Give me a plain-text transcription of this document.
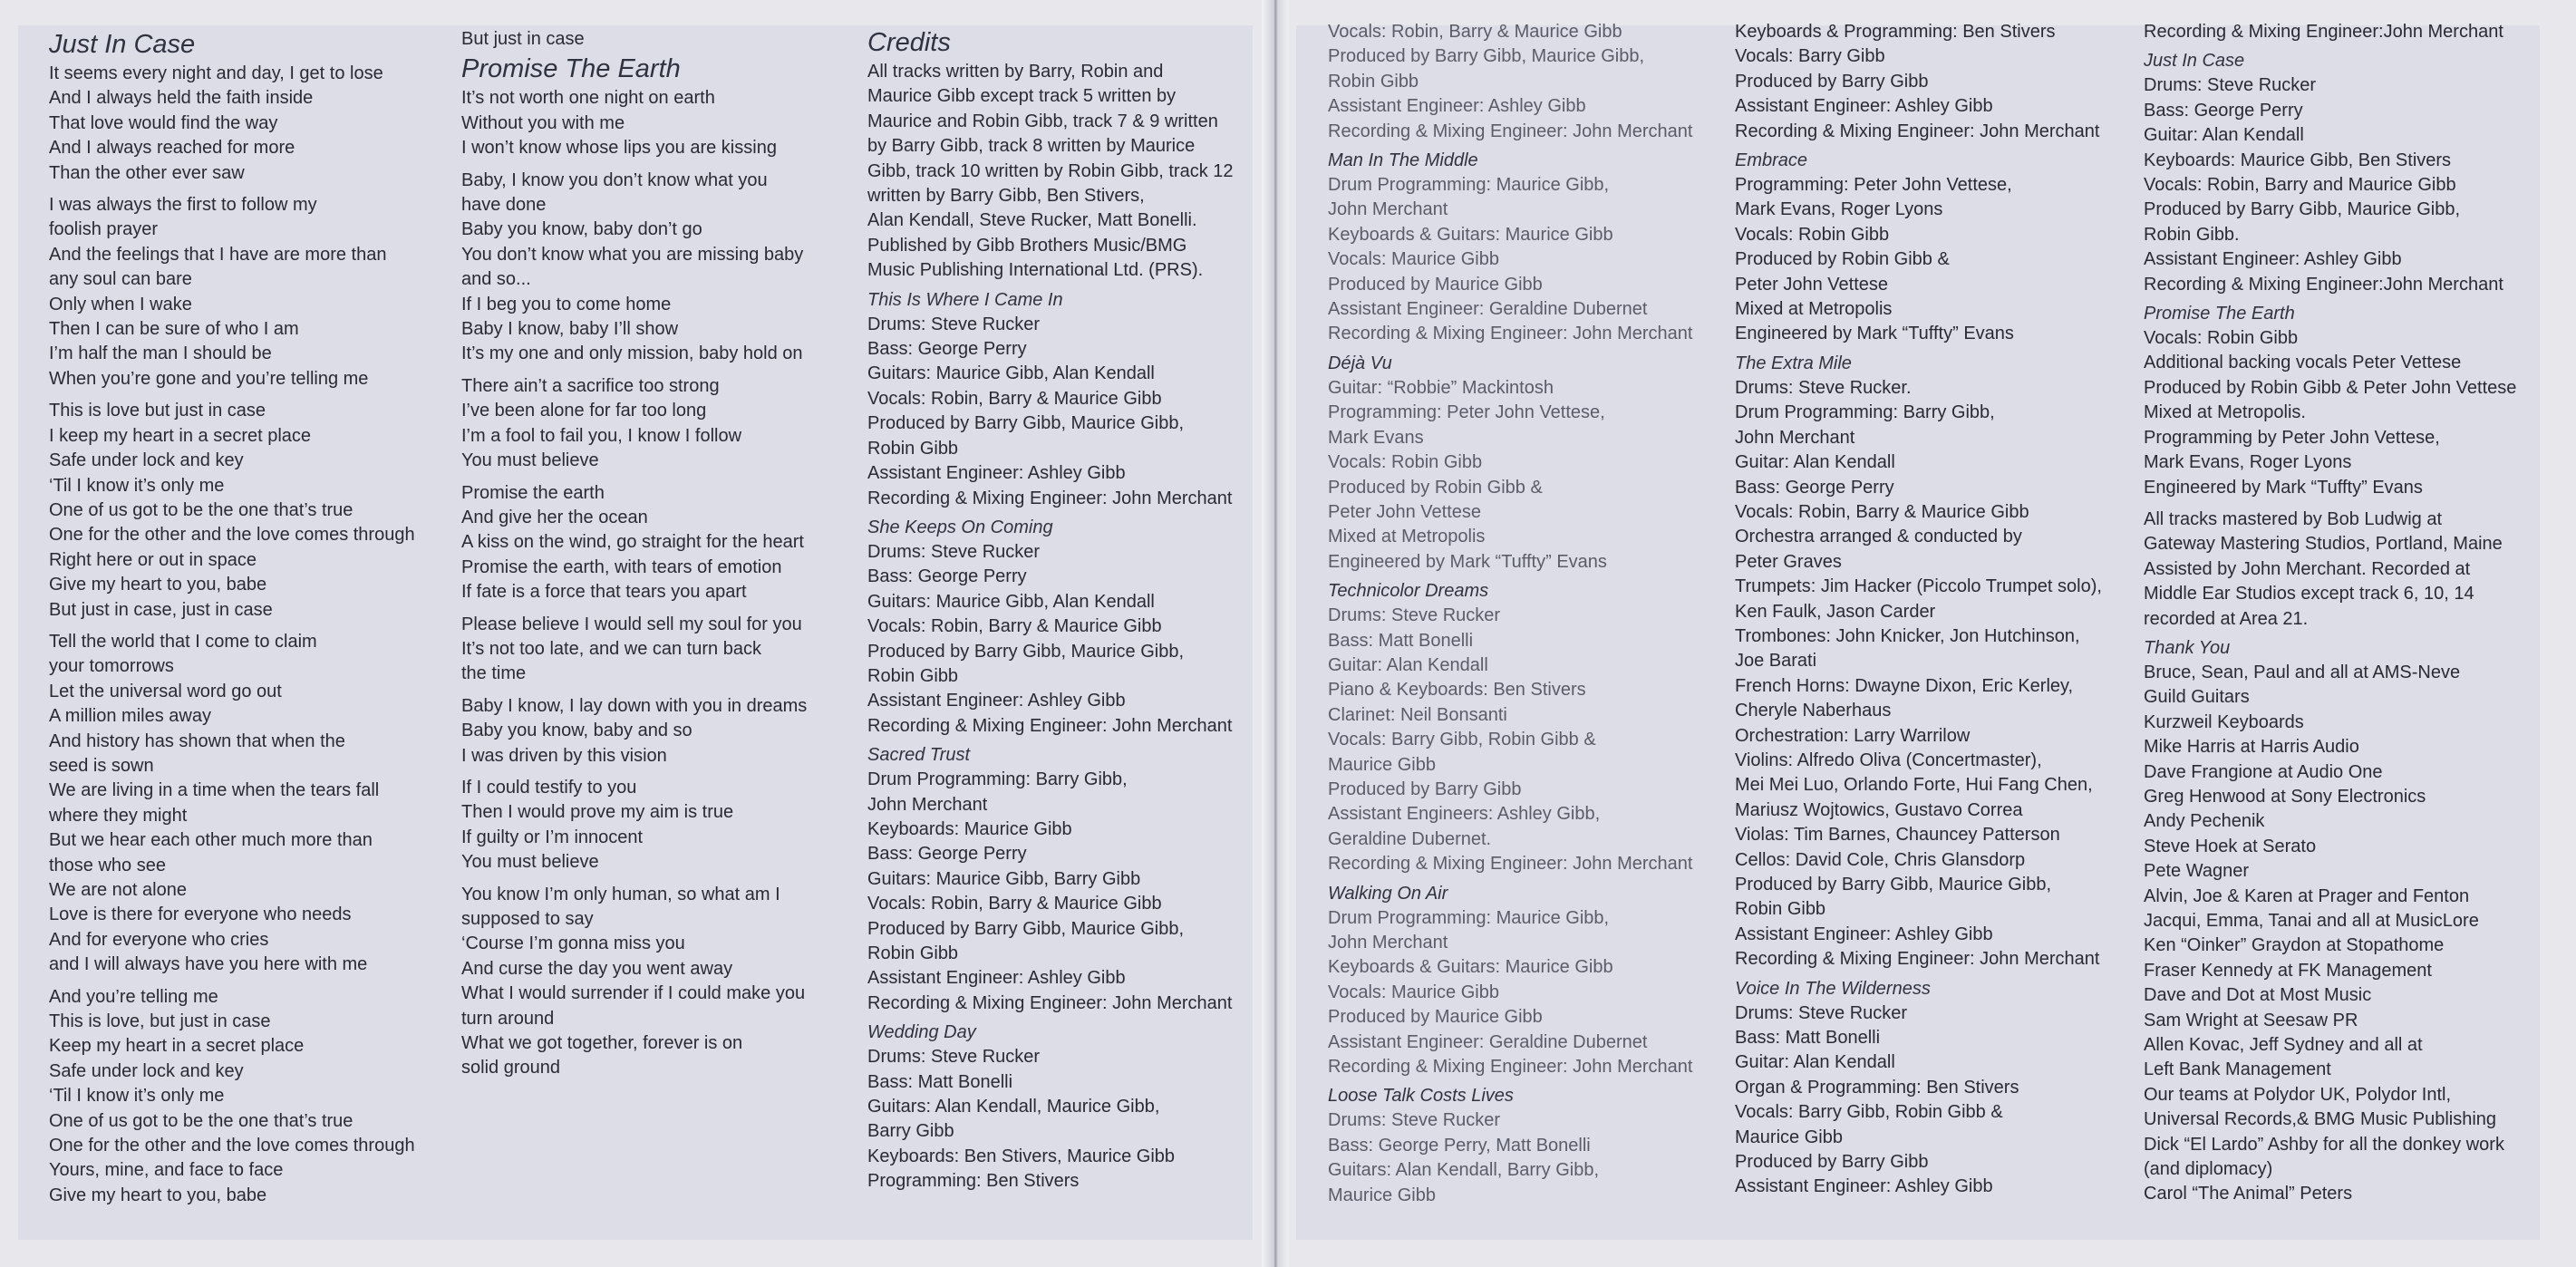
Just In Case
It seems every night and day, I get to lose
And I always held the faith inside
That love would find the way
And I always reached for more
Than the other ever saw
I was always the first to follow my
foolish prayer
And the feelings that I have are more than
any soul can bare
Only when I wake
Then I can be sure of who I am
I’m half the man I should be
When you’re gone and you’re telling me
This is love but just in case
I keep my heart in a secret place
Safe under lock and key
‘Til I know it’s only me
One of us got to be the one that’s true
One for the other and the love comes through
Right here or out in space
Give my heart to you, babe
But just in case, just in case
Tell the world that I come to claim
your tomorrows
Let the universal word go out
A million miles away
And history has shown that when the
seed is sown
We are living in a time when the tears fall
where they might
But we hear each other much more than
those who see
We are not alone
Love is there for everyone who needs
And for everyone who cries
and I will always have you here with me
And you’re telling me
This is love, but just in case
Keep my heart in a secret place
Safe under lock and key
‘Til I know it’s only me
One of us got to be the one that’s true
One for the other and the love comes through
Yours, mine, and face to face
Give my heart to you, babe
But just in case
Promise The Earth
It’s not worth one night on earth
Without you with me
I won’t know whose lips you are kissing
Baby, I know you don’t know what you
have done
Baby you know, baby don’t go
You don’t know what you are missing baby
and so...
If I beg you to come home
Baby I know, baby I’ll show
It’s my one and only mission, baby hold on
There ain’t a sacrifice too strong
I’ve been alone for far too long
I’m a fool to fail you, I know I follow
You must believe
Promise the earth
And give her the ocean
A kiss on the wind, go straight for the heart
Promise the earth, with tears of emotion
If fate is a force that tears you apart
Please believe I would sell my soul for you
It’s not too late, and we can turn back
the time
Baby I know, I lay down with you in dreams
Baby you know, baby and so
I was driven by this vision
If I could testify to you
Then I would prove my aim is true
If guilty or I’m innocent
You must believe
You know I’m only human, so what am I
supposed to say
‘Course I’m gonna miss you
And curse the day you went away
What I would surrender if I could make you
turn around
What we got together, forever is on
solid ground
Credits
All tracks written by Barry, Robin and
Maurice Gibb except track 5 written by
Maurice and Robin Gibb, track 7 & 9 written
by Barry Gibb, track 8 written by Maurice
Gibb, track 10 written by Robin Gibb, track 12
written by Barry Gibb, Ben Stivers,
Alan Kendall, Steve Rucker, Matt Bonelli.
Published by Gibb Brothers Music/BMG
Music Publishing International Ltd. (PRS).
This Is Where I Came In
Drums: Steve Rucker
Bass: George Perry
Guitars: Maurice Gibb, Alan Kendall
Vocals: Robin, Barry & Maurice Gibb
Produced by Barry Gibb, Maurice Gibb,
Robin Gibb
Assistant Engineer: Ashley Gibb
Recording & Mixing Engineer: John Merchant
She Keeps On Coming
Drums: Steve Rucker
Bass: George Perry
Guitars: Maurice Gibb, Alan Kendall
Vocals: Robin, Barry & Maurice Gibb
Produced by Barry Gibb, Maurice Gibb,
Robin Gibb
Assistant Engineer: Ashley Gibb
Recording & Mixing Engineer: John Merchant
Sacred Trust
Drum Programming: Barry Gibb,
John Merchant
Keyboards: Maurice Gibb
Bass: George Perry
Guitars: Maurice Gibb, Barry Gibb
Vocals: Robin, Barry & Maurice Gibb
Produced by Barry Gibb, Maurice Gibb,
Robin Gibb
Assistant Engineer: Ashley Gibb
Recording & Mixing Engineer: John Merchant
Wedding Day
Drums: Steve Rucker
Bass: Matt Bonelli
Guitars: Alan Kendall, Maurice Gibb,
Barry Gibb
Keyboards: Ben Stivers, Maurice Gibb
Programming: Ben Stivers
Vocals: Robin, Barry & Maurice Gibb
Produced by Barry Gibb, Maurice Gibb,
Robin Gibb
Assistant Engineer: Ashley Gibb
Recording & Mixing Engineer: John Merchant
Man In The Middle
Drum Programming: Maurice Gibb,
John Merchant
Keyboards & Guitars: Maurice Gibb
Vocals: Maurice Gibb
Produced by Maurice Gibb
Assistant Engineer: Geraldine Dubernet
Recording & Mixing Engineer: John Merchant
Déjà Vu
Guitar: “Robbie” Mackintosh
Programming: Peter John Vettese,
Mark Evans
Vocals: Robin Gibb
Produced by Robin Gibb &
Peter John Vettese
Mixed at Metropolis
Engineered by Mark “Tuffty” Evans
Technicolor Dreams
Drums: Steve Rucker
Bass: Matt Bonelli
Guitar: Alan Kendall
Piano & Keyboards: Ben Stivers
Clarinet: Neil Bonsanti
Vocals: Barry Gibb, Robin Gibb &
Maurice Gibb
Produced by Barry Gibb
Assistant Engineers: Ashley Gibb,
Geraldine Dubernet.
Recording & Mixing Engineer: John Merchant
Walking On Air
Drum Programming: Maurice Gibb,
John Merchant
Keyboards & Guitars: Maurice Gibb
Vocals: Maurice Gibb
Produced by Maurice Gibb
Assistant Engineer: Geraldine Dubernet
Recording & Mixing Engineer: John Merchant
Loose Talk Costs Lives
Drums: Steve Rucker
Bass: George Perry, Matt Bonelli
Guitars: Alan Kendall, Barry Gibb,
Maurice Gibb
Keyboards & Programming: Ben Stivers
Vocals: Barry Gibb
Produced by Barry Gibb
Assistant Engineer: Ashley Gibb
Recording & Mixing Engineer: John Merchant
Embrace
Programming: Peter John Vettese,
Mark Evans, Roger Lyons
Vocals: Robin Gibb
Produced by Robin Gibb &
Peter John Vettese
Mixed at Metropolis
Engineered by Mark “Tuffty” Evans
The Extra Mile
Drums: Steve Rucker.
Drum Programming: Barry Gibb,
John Merchant
Guitar: Alan Kendall
Bass: George Perry
Vocals: Robin, Barry & Maurice Gibb
Orchestra arranged & conducted by
Peter Graves
Trumpets: Jim Hacker (Piccolo Trumpet solo),
Ken Faulk, Jason Carder
Trombones: John Knicker, Jon Hutchinson,
Joe Barati
French Horns: Dwayne Dixon, Eric Kerley,
Cheryle Naberhaus
Orchestration: Larry Warrilow
Violins: Alfredo Oliva (Concertmaster),
Mei Mei Luo, Orlando Forte, Hui Fang Chen,
Mariusz Wojtowics, Gustavo Correa
Violas: Tim Barnes, Chauncey Patterson
Cellos: David Cole, Chris Glansdorp
Produced by Barry Gibb, Maurice Gibb,
Robin Gibb
Assistant Engineer: Ashley Gibb
Recording & Mixing Engineer: John Merchant
Voice In The Wilderness
Drums: Steve Rucker
Bass: Matt Bonelli
Guitar: Alan Kendall
Organ & Programming: Ben Stivers
Vocals: Barry Gibb, Robin Gibb &
Maurice Gibb
Produced by Barry Gibb
Assistant Engineer: Ashley Gibb
Recording & Mixing Engineer:John Merchant
Just In Case
Drums: Steve Rucker
Bass: George Perry
Guitar: Alan Kendall
Keyboards: Maurice Gibb, Ben Stivers
Vocals: Robin, Barry and Maurice Gibb
Produced by Barry Gibb, Maurice Gibb,
Robin Gibb.
Assistant Engineer: Ashley Gibb
Recording & Mixing Engineer:John Merchant
Promise The Earth
Vocals: Robin Gibb
Additional backing vocals Peter Vettese
Produced by Robin Gibb & Peter John Vettese
Mixed at Metropolis.
Programming by Peter John Vettese,
Mark Evans, Roger Lyons
Engineered by Mark “Tuffty” Evans
All tracks mastered by Bob Ludwig at
Gateway Mastering Studios, Portland, Maine
Assisted by John Merchant. Recorded at
Middle Ear Studios except track 6, 10, 14
recorded at Area 21.
Thank You
Bruce, Sean, Paul and all at AMS-Neve
Guild Guitars
Kurzweil Keyboards
Mike Harris at Harris Audio
Dave Frangione at Audio One
Greg Henwood at Sony Electronics
Andy Pechenik
Steve Hoek at Serato
Pete Wagner
Alvin, Joe & Karen at Prager and Fenton
Jacqui, Emma, Tanai and all at MusicLore
Ken “Oinker” Graydon at Stopathome
Fraser Kennedy at FK Management
Dave and Dot at Most Music
Sam Wright at Seesaw PR
Allen Kovac, Jeff Sydney and all at
Left Bank Management
Our teams at Polydor UK, Polydor Intl,
Universal Records,& BMG Music Publishing
Dick “El Lardo” Ashby for all the donkey work
(and diplomacy)
Carol “The Animal” Peters
